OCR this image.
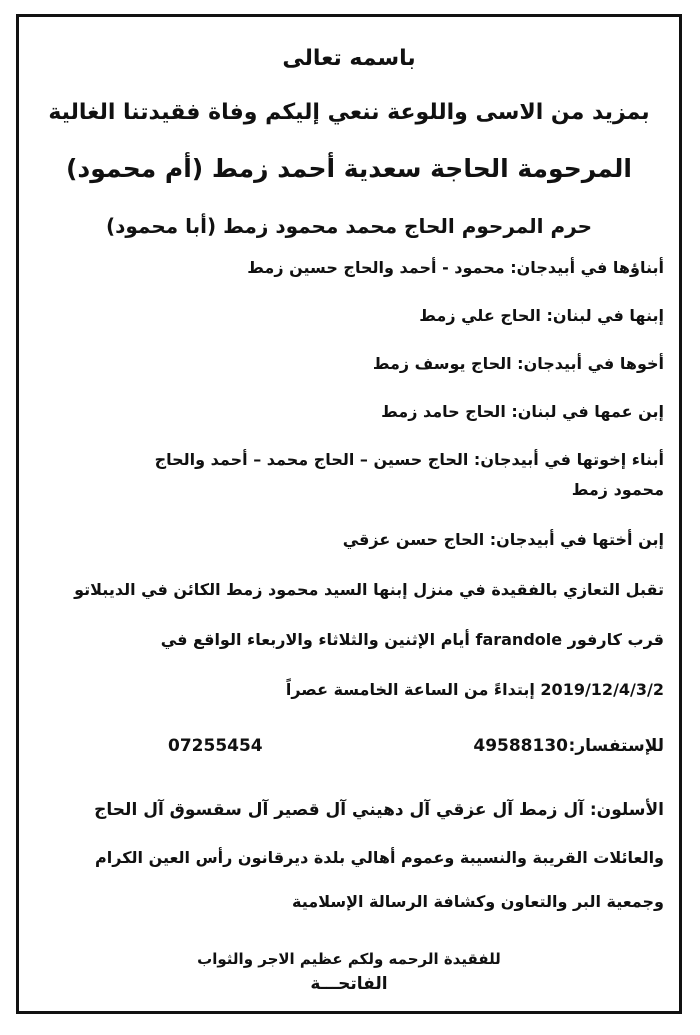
باسمه تعالى
بمزيد من الاسى واللوعة ننعي إليكم وفاة فقيدتنا الغالية
المرحومة الحاجة سعدية أحمد زمط (أم محمود)
حرم المرحوم الحاج محمد محمود زمط (أبا محمود)
أبناؤها في أبيدجان: محمود - أحمد والحاج حسين زمط
إبنها في لبنان: الحاج علي زمط
أخوها في أبيدجان: الحاج يوسف زمط
إبن عمها في لبنان: الحاج حامد زمط
أبناء إخوتها في أبيدجان: الحاج حسين – الحاج محمد – أحمد والحاج
محمود زمط
إبن أختها في أبيدجان: الحاج حسن عزقي
تقبل التعازي بالفقيدة في منزل إبنها السيد محمود زمط الكائن في الديبلاتو
قرب كارفور farandole أيام الإثنين والثلاثاء والاربعاء الواقع في
2019/12/4/3/2 إبتداءً من الساعة الخامسة عصراً
للإستفسار:
49588130
07255454
الأسلون: آل زمط آل عزقي آل دهيني آل قصير آل سقسوق آل الحاج
والعائلات القريبة والنسيبة وعموم أهالي بلدة ديرقانون رأس العين الكرام
وجمعية البر والتعاون وكشافة الرسالة الإسلامية
للفقيدة الرحمه ولكم عظيم الاجر والثواب
الفاتحـــة
